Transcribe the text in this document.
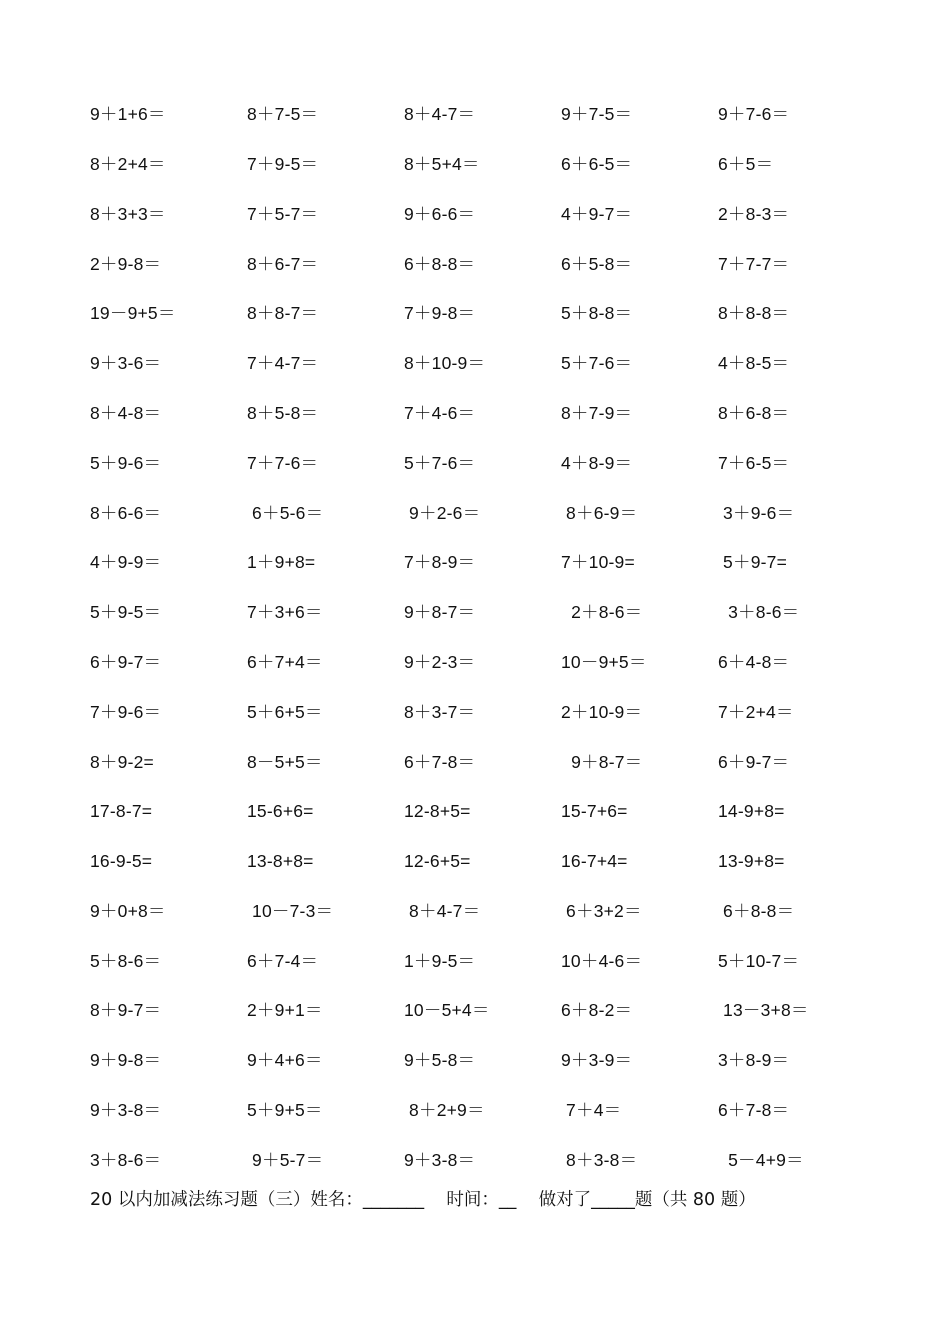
9＋1+6＝	8＋7-5＝	8＋4-7＝	9＋7-5＝	9＋7-6＝
8＋2+4＝	7＋9-5＝	8＋5+4＝	6＋6-5＝	6＋5＝
8＋3+3＝	7＋5-7＝	9＋6-6＝	4＋9-7＝	2＋8-3＝
2＋9-8＝	8＋6-7＝	6＋8-8＝	6＋5-8＝	7＋7-7＝
19－9+5＝	8＋8-7＝	7＋9-8＝	5＋8-8＝	8＋8-8＝
9＋3-6＝	7＋4-7＝	8＋10-9＝	5＋7-6＝	4＋8-5＝
8＋4-8＝	8＋5-8＝	7＋4-6＝	8＋7-9＝	8＋6-8＝
5＋9-6＝	7＋7-6＝	5＋7-6＝	4＋8-9＝	7＋6-5＝
8＋6-6＝	6＋5-6＝	9＋2-6＝	8＋6-9＝	3＋9-6＝
4＋9-9＝	1＋9+8=	7＋8-9＝	7＋10-9=	5＋9-7=
5＋9-5＝	7＋3+6＝	9＋8-7＝	2＋8-6＝	3＋8-6＝
6＋9-7＝	6＋7+4＝	9＋2-3＝	10－9+5＝	6＋4-8＝
7＋9-6＝	5＋6+5＝	8＋3-7＝	2＋10-9＝	7＋2+4＝
8＋9-2=	8－5+5＝	6＋7-8＝	9＋8-7＝	6＋9-7＝
17-8-7=	15-6+6=	12-8+5=	15-7+6=	14-9+8=
16-9-5=	13-8+8=	12-6+5=	16-7+4=	13-9+8=
9＋0+8＝	10－7-3＝	8＋4-7＝	6＋3+2＝	6＋8-8＝
5＋8-6＝	6＋7-4＝	1＋9-5＝	10＋4-6＝	5＋10-7＝
8＋9-7＝	2＋9+1＝	10－5+4＝	6＋8-2＝	13－3+8＝
9＋9-8＝	9＋4+6＝	9＋5-8＝	9＋3-9＝	3＋8-9＝
9＋3-8＝	5＋9+5＝	8＋2+9＝	7＋4＝	6＋7-8＝
3＋8-6＝	9＋5-7＝	9＋3-8＝	8＋3-8＝	5－4+9＝
20 以内加减法练习题（三）姓名：_______    时间：__    做对了_____题（共 80 题）
